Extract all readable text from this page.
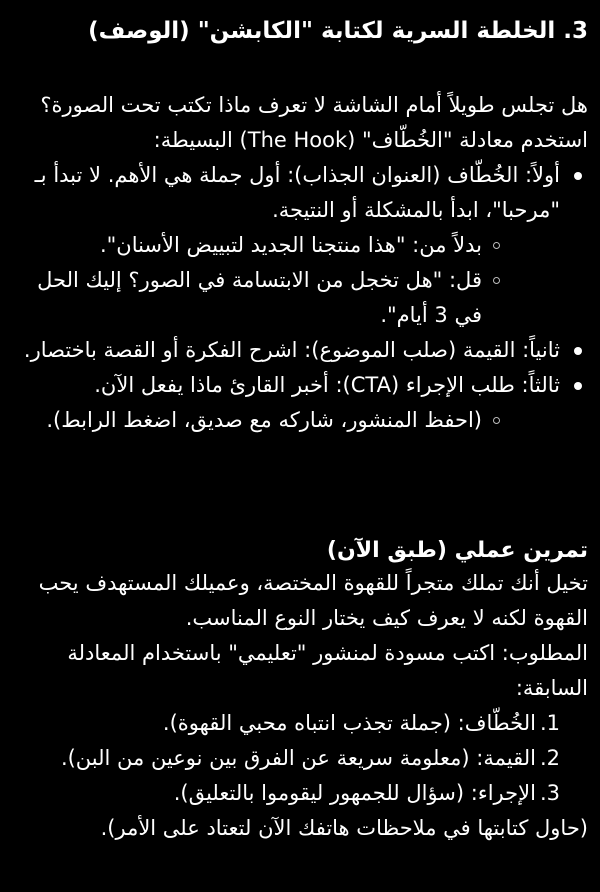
3. الخلطة السرية لكتابة "الكابشن" (الوصف)
هل تجلس طويلاً أمام الشاشة لا تعرف ماذا تكتب تحت الصورة؟ استخدم معادلة "الخُطّاف" (The Hook) البسيطة:
أولاً: الخُطّاف (العنوان الجذاب): أول جملة هي الأهم. لا تبدأ بـ "مرحبا"، ابدأ بالمشكلة أو النتيجة.
بدلاً من: "هذا منتجنا الجديد لتبييض الأسنان".
قل: "هل تخجل من الابتسامة في الصور؟ إليك الحل في 3 أيام".
ثانياً: القيمة (صلب الموضوع): اشرح الفكرة أو القصة باختصار.
ثالثاً: طلب الإجراء (CTA): أخبر القارئ ماذا يفعل الآن.
(احفظ المنشور، شاركه مع صديق، اضغط الرابط).
تمرين عملي (طبق الآن)
تخيل أنك تملك متجراً للقهوة المختصة، وعميلك المستهدف يحب القهوة لكنه لا يعرف كيف يختار النوع المناسب.
المطلوب: اكتب مسودة لمنشور "تعليمي" باستخدام المعادلة السابقة:
1.الخُطّاف: (جملة تجذب انتباه محبي القهوة).
2.القيمة: (معلومة سريعة عن الفرق بين نوعين من البن).
3.الإجراء: (سؤال للجمهور ليقوموا بالتعليق).
(حاول كتابتها في ملاحظات هاتفك الآن لتعتاد على الأمر).
